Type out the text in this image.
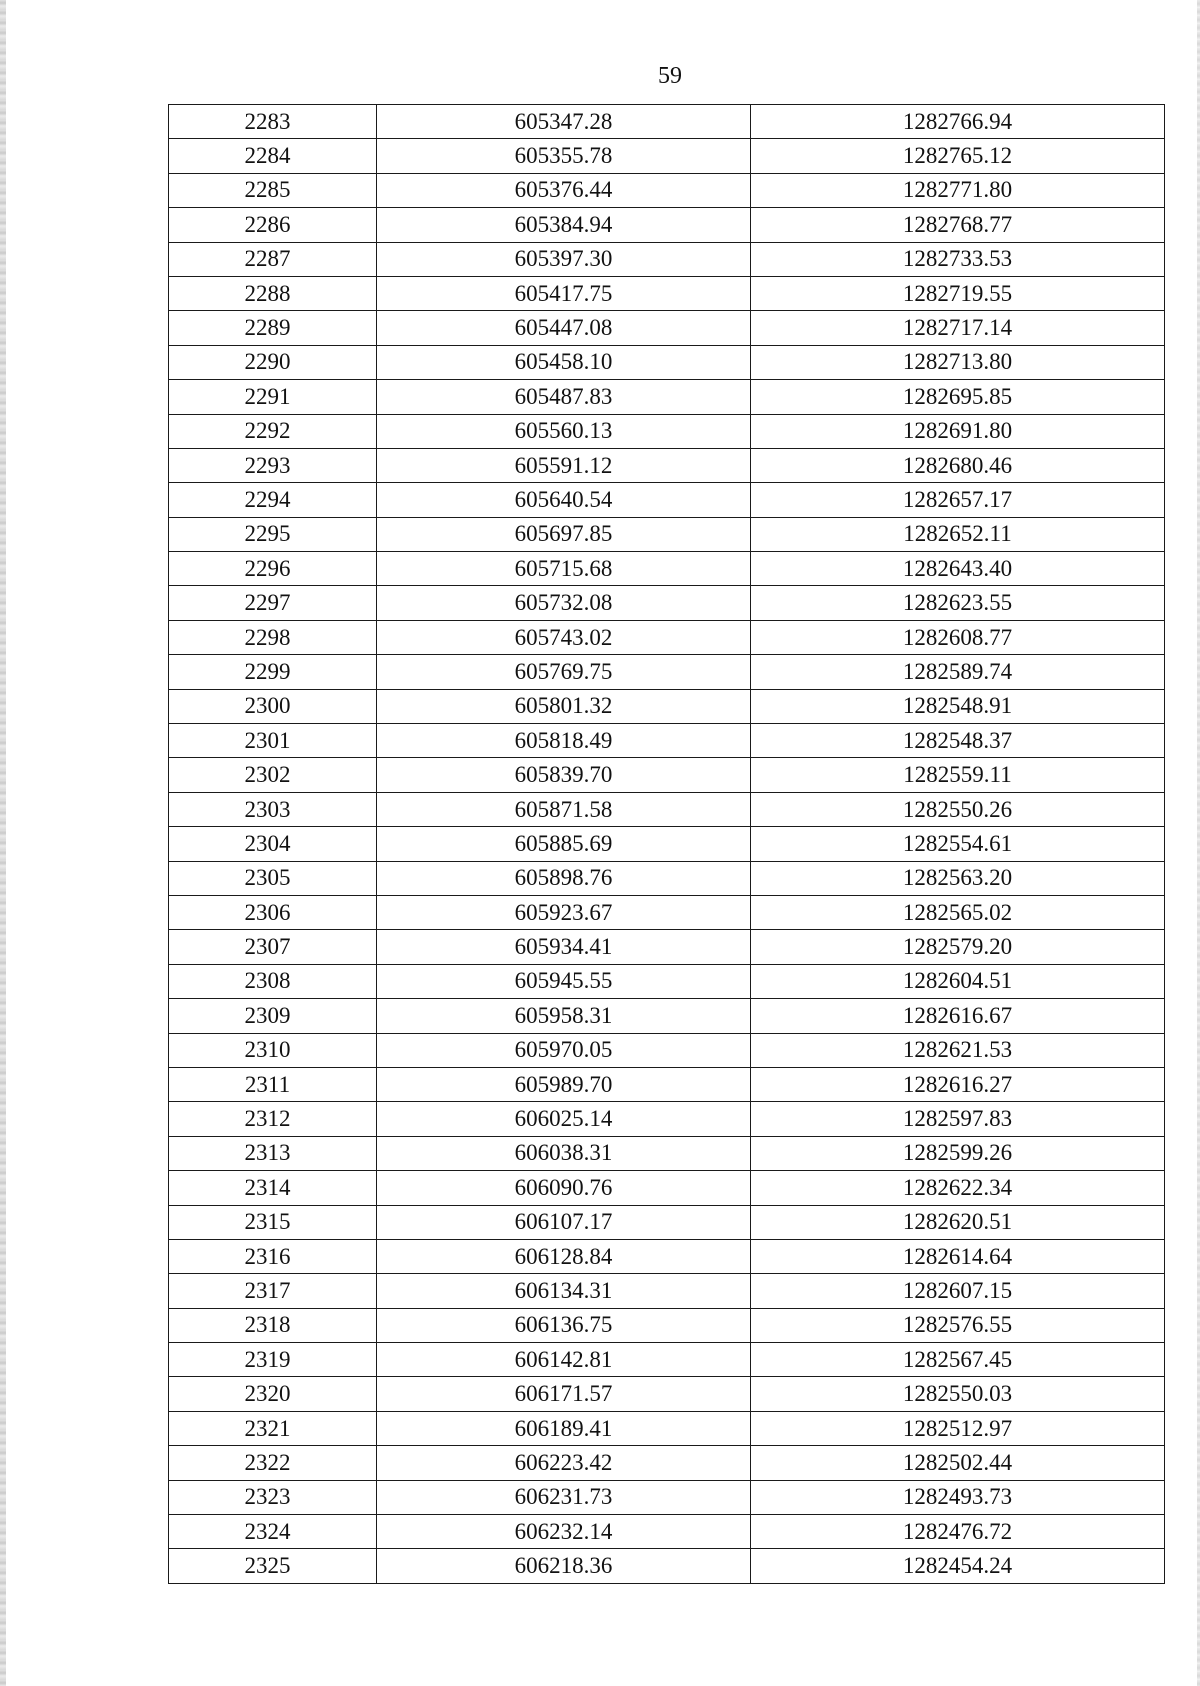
59
2283	605347.28	1282766.94
2284	605355.78	1282765.12
2285	605376.44	1282771.80
2286	605384.94	1282768.77
2287	605397.30	1282733.53
2288	605417.75	1282719.55
2289	605447.08	1282717.14
2290	605458.10	1282713.80
2291	605487.83	1282695.85
2292	605560.13	1282691.80
2293	605591.12	1282680.46
2294	605640.54	1282657.17
2295	605697.85	1282652.11
2296	605715.68	1282643.40
2297	605732.08	1282623.55
2298	605743.02	1282608.77
2299	605769.75	1282589.74
2300	605801.32	1282548.91
2301	605818.49	1282548.37
2302	605839.70	1282559.11
2303	605871.58	1282550.26
2304	605885.69	1282554.61
2305	605898.76	1282563.20
2306	605923.67	1282565.02
2307	605934.41	1282579.20
2308	605945.55	1282604.51
2309	605958.31	1282616.67
2310	605970.05	1282621.53
2311	605989.70	1282616.27
2312	606025.14	1282597.83
2313	606038.31	1282599.26
2314	606090.76	1282622.34
2315	606107.17	1282620.51
2316	606128.84	1282614.64
2317	606134.31	1282607.15
2318	606136.75	1282576.55
2319	606142.81	1282567.45
2320	606171.57	1282550.03
2321	606189.41	1282512.97
2322	606223.42	1282502.44
2323	606231.73	1282493.73
2324	606232.14	1282476.72
2325	606218.36	1282454.24
